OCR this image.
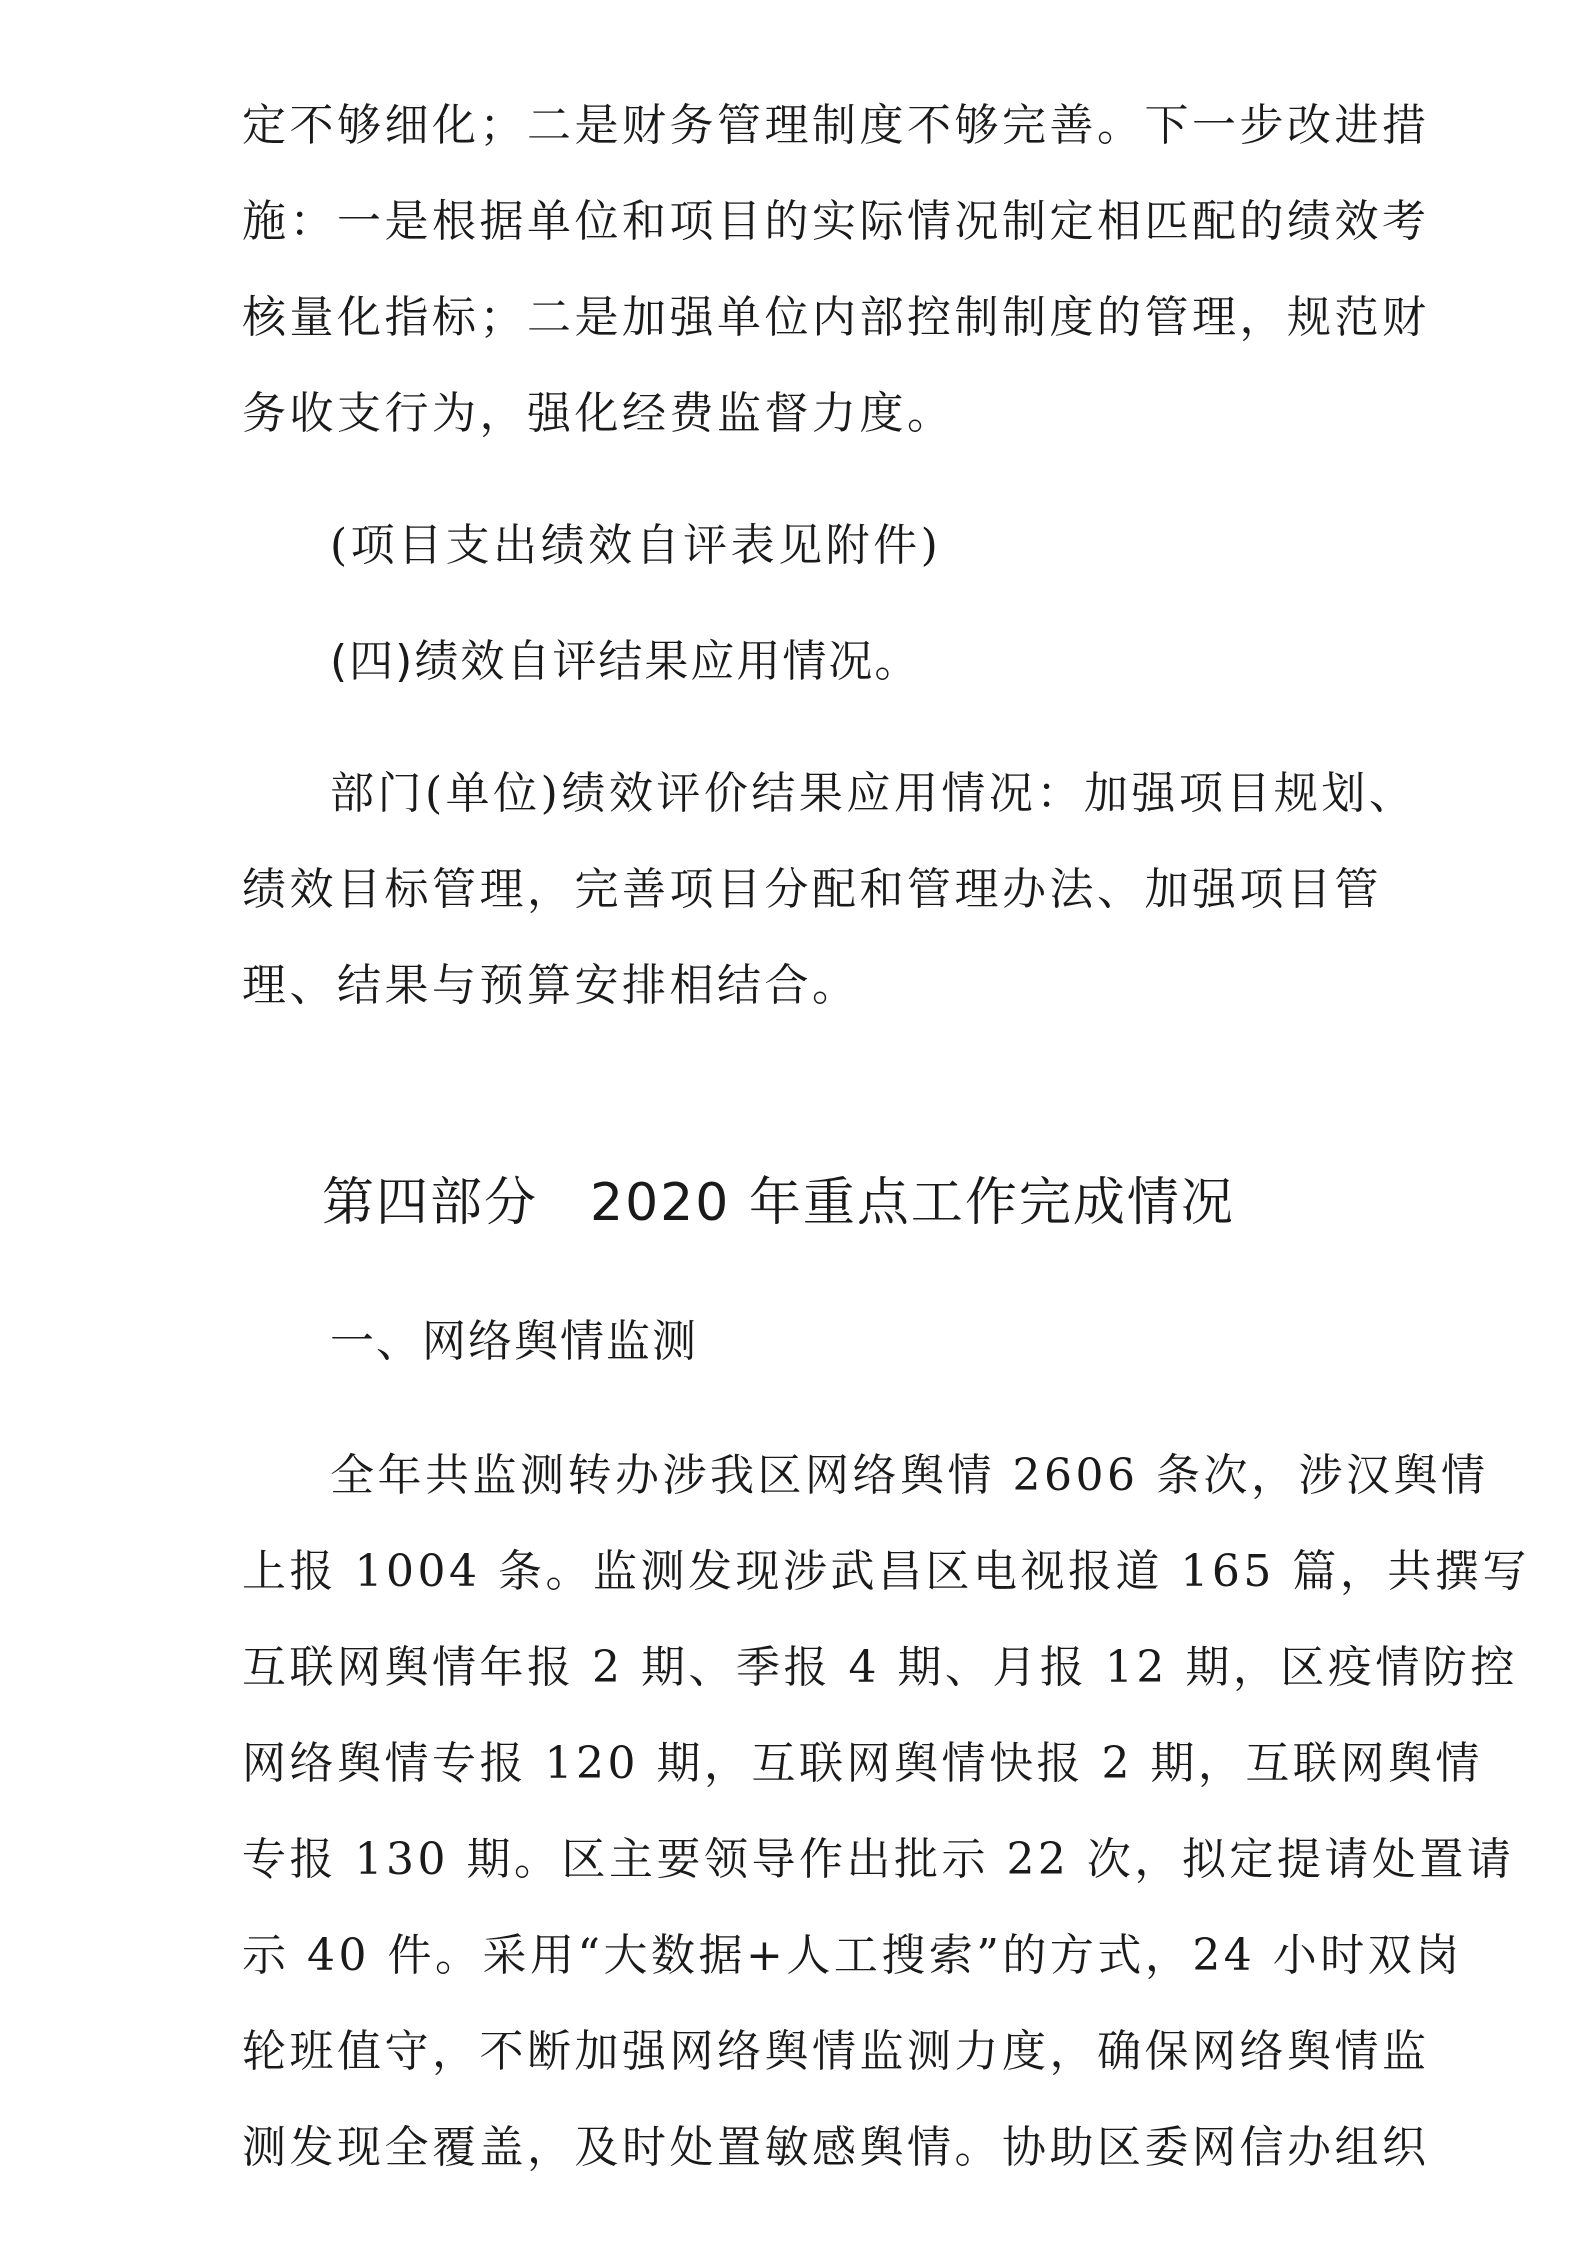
定不够细化；二是财务管理制度不够完善。下一步改进措

施：一是根据单位和项目的实际情况制定相匹配的绩效考

核量化指标；二是加强单位内部控制制度的管理，规范财

务收支行为，强化经费监督力度。

(项目支出绩效自评表见附件)

(四)绩效自评结果应用情况。

部门(单位)绩效评价结果应用情况：加强项目规划、

绩效目标管理，完善项目分配和管理办法、加强项目管

理、结果与预算安排相结合。

第四部分 2020 年重点工作完成情况
一、网络舆情监测

全年共监测转办涉我区网络舆情 2606 条次，涉汉舆情

上报 1004 条。监测发现涉武昌区电视报道 165 篇，共撰写

互联网舆情年报 2 期、季报 4 期、月报 12 期，区疫情防控

网络舆情专报 120 期，互联网舆情快报 2 期，互联网舆情

专报 130 期。区主要领导作出批示 22 次，拟定提请处置请

示 40 件。采用“大数据+人工搜索”的方式，24 小时双岗

轮班值守，不断加强网络舆情监测力度，确保网络舆情监

测发现全覆盖，及时处置敏感舆情。协助区委网信办组织
